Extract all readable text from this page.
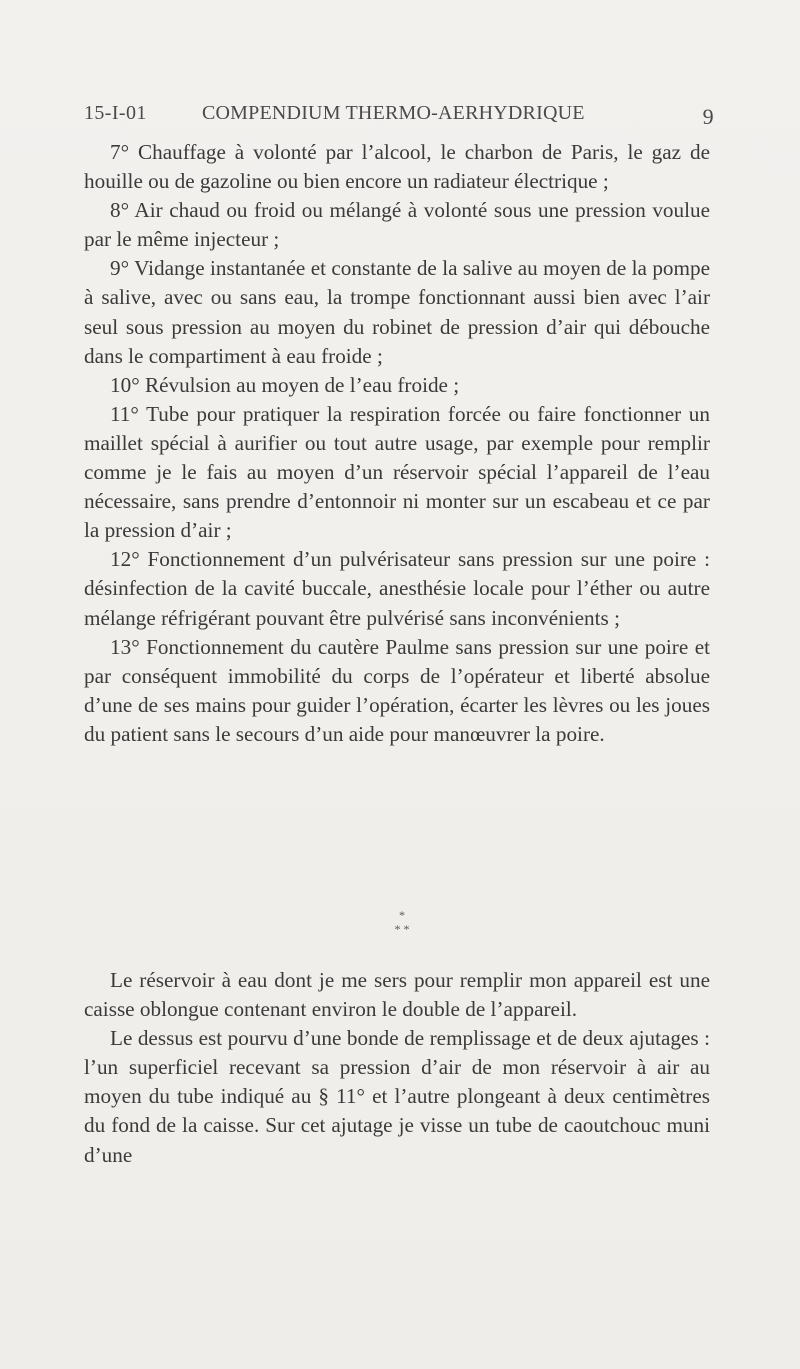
15-I-01	COMPENDIUM THERMO-AERHYDRIQUE	9

7° Chauffage à volonté par l’alcool, le charbon de Paris, le gaz de houille ou de gazoline ou bien encore un radiateur électrique ;

8° Air chaud ou froid ou mélangé à volonté sous une pression voulue par le même injecteur ;

9° Vidange instantanée et constante de la salive au moyen de la pompe à salive, avec ou sans eau, la trompe fonctionnant aussi bien avec l’air seul sous pression au moyen du robinet de pression d’air qui débouche dans le compartiment à eau froide ;

10° Révulsion au moyen de l’eau froide ;

11° Tube pour pratiquer la respiration forcée ou faire fonctionner un maillet spécial à aurifier ou tout autre usage, par exemple pour remplir comme je le fais au moyen d’un réservoir spécial l’appareil de l’eau nécessaire, sans prendre d’entonnoir ni monter sur un escabeau et ce par la pression d’air ;

12° Fonctionnement d’un pulvérisateur sans pression sur une poire : désinfection de la cavité buccale, anesthésie locale pour l’éther ou autre mélange réfrigérant pouvant être pulvérisé sans inconvénients ;

13° Fonctionnement du cautère Paulme sans pression sur une poire et par conséquent immobilité du corps de l’opérateur et liberté absolue d’une de ses mains pour guider l’opération, écarter les lèvres ou les joues du patient sans le secours d’un aide pour manœuvrer la poire.

*
* *

Le réservoir à eau dont je me sers pour remplir mon appareil est une caisse oblongue contenant environ le double de l’appareil.

Le dessus est pourvu d’une bonde de remplissage et de deux ajutages : l’un superficiel recevant sa pression d’air de mon réservoir à air au moyen du tube indiqué au § 11° et l’autre plongeant à deux centimètres du fond de la caisse. Sur cet ajutage je visse un tube de caoutchouc muni d’une
